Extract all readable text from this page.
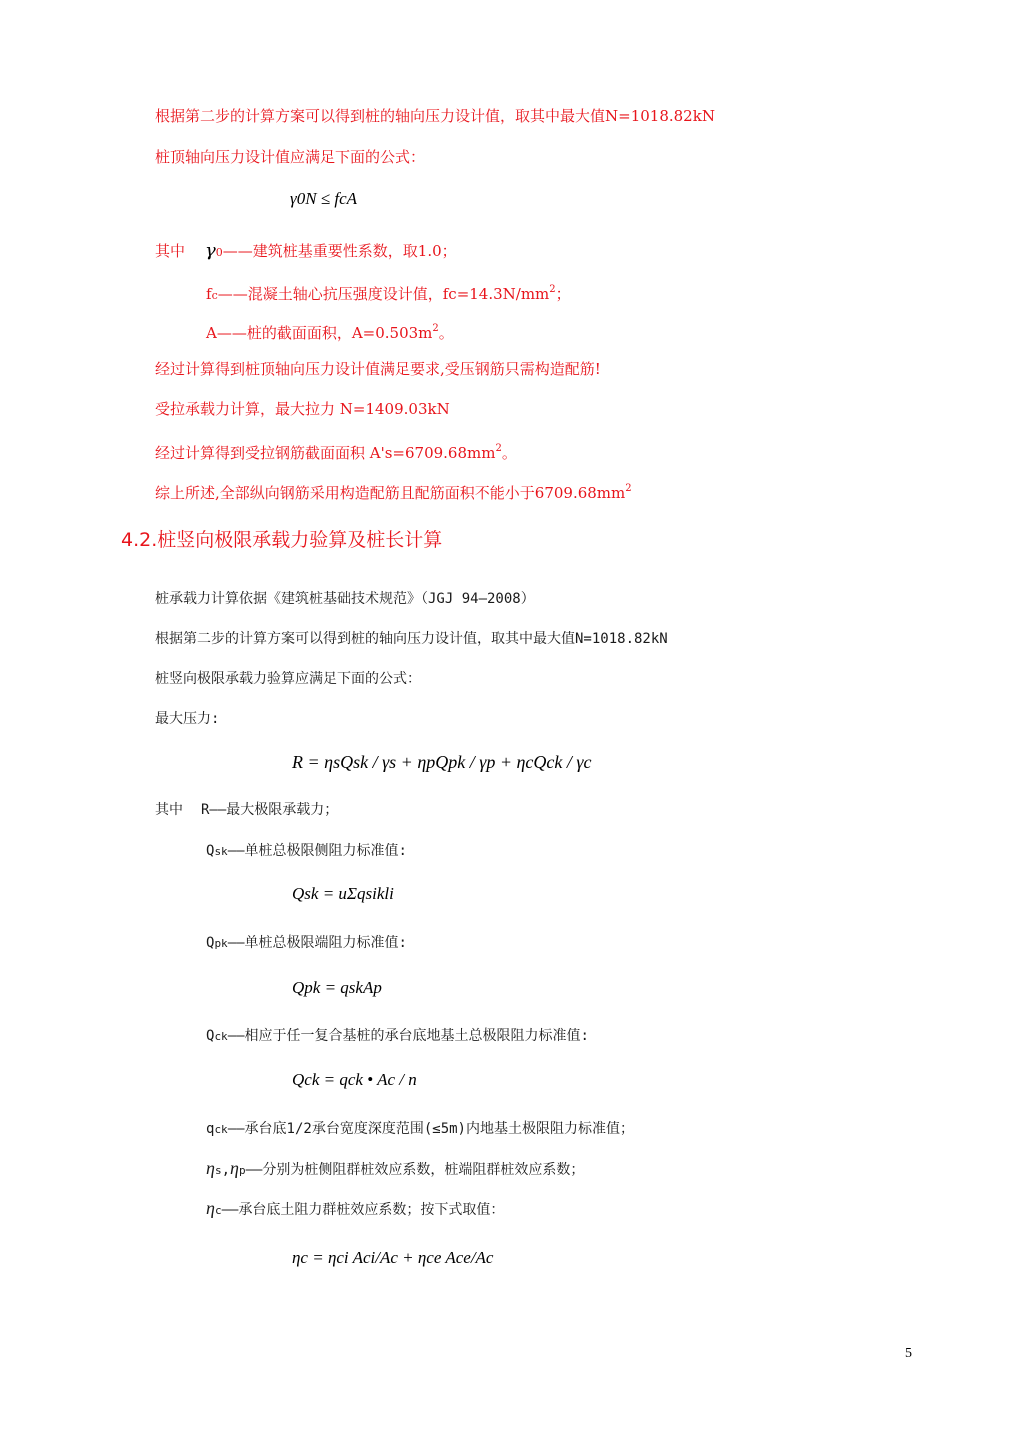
根据第二步的计算方案可以得到桩的轴向压力设计值，取其中最大值N=1018.82kN
桩顶轴向压力设计值应满足下面的公式：
γ0N ≤ fcA
其中 γ0——建筑桩基重要性系数，取1.0；
fc——混凝土轴心抗压强度设计值，$fc=14.3N/mm^2$；
A——桩的截面面积，$A=0.503m^2$。
经过计算得到桩顶轴向压力设计值满足要求,受压钢筋只需构造配筋!
受拉承载力计算，最大拉力 N=1409.03kN
经过计算得到受拉钢筋截面面积 $A's=6709.68mm^2$。
综上所述,全部纵向钢筋采用构造配筋且配筋面积不能小于$6709.68mm^2$
4.2.桩竖向极限承载力验算及桩长计算
桩承载力计算依据《建筑桩基础技术规范》（JGJ 94—2008）
根据第二步的计算方案可以得到桩的轴向压力设计值，取其中最大值N=1018.82kN
桩竖向极限承载力验算应满足下面的公式：
最大压力:
R = ηsQsk / γs + ηpQpk / γp + ηcQck / γc
其中 R——最大极限承载力；
Qsk——单桩总极限侧阻力标准值:
Qsk = uΣqsikli
Qpk——单桩总极限端阻力标准值:
Qpk = qskAp
Qck——相应于任一复合基桩的承台底地基土总极限阻力标准值:
Qck = qck • Ac / n
qck——承台底1/2承台宽度深度范围(≤5m)内地基土极限阻力标准值；
ηs,ηp——分别为桩侧阻群桩效应系数，桩端阻群桩效应系数；
ηc——承台底土阻力群桩效应系数；按下式取值：
ηc = ηci Aci/Ac + ηce Ace/Ac
5
